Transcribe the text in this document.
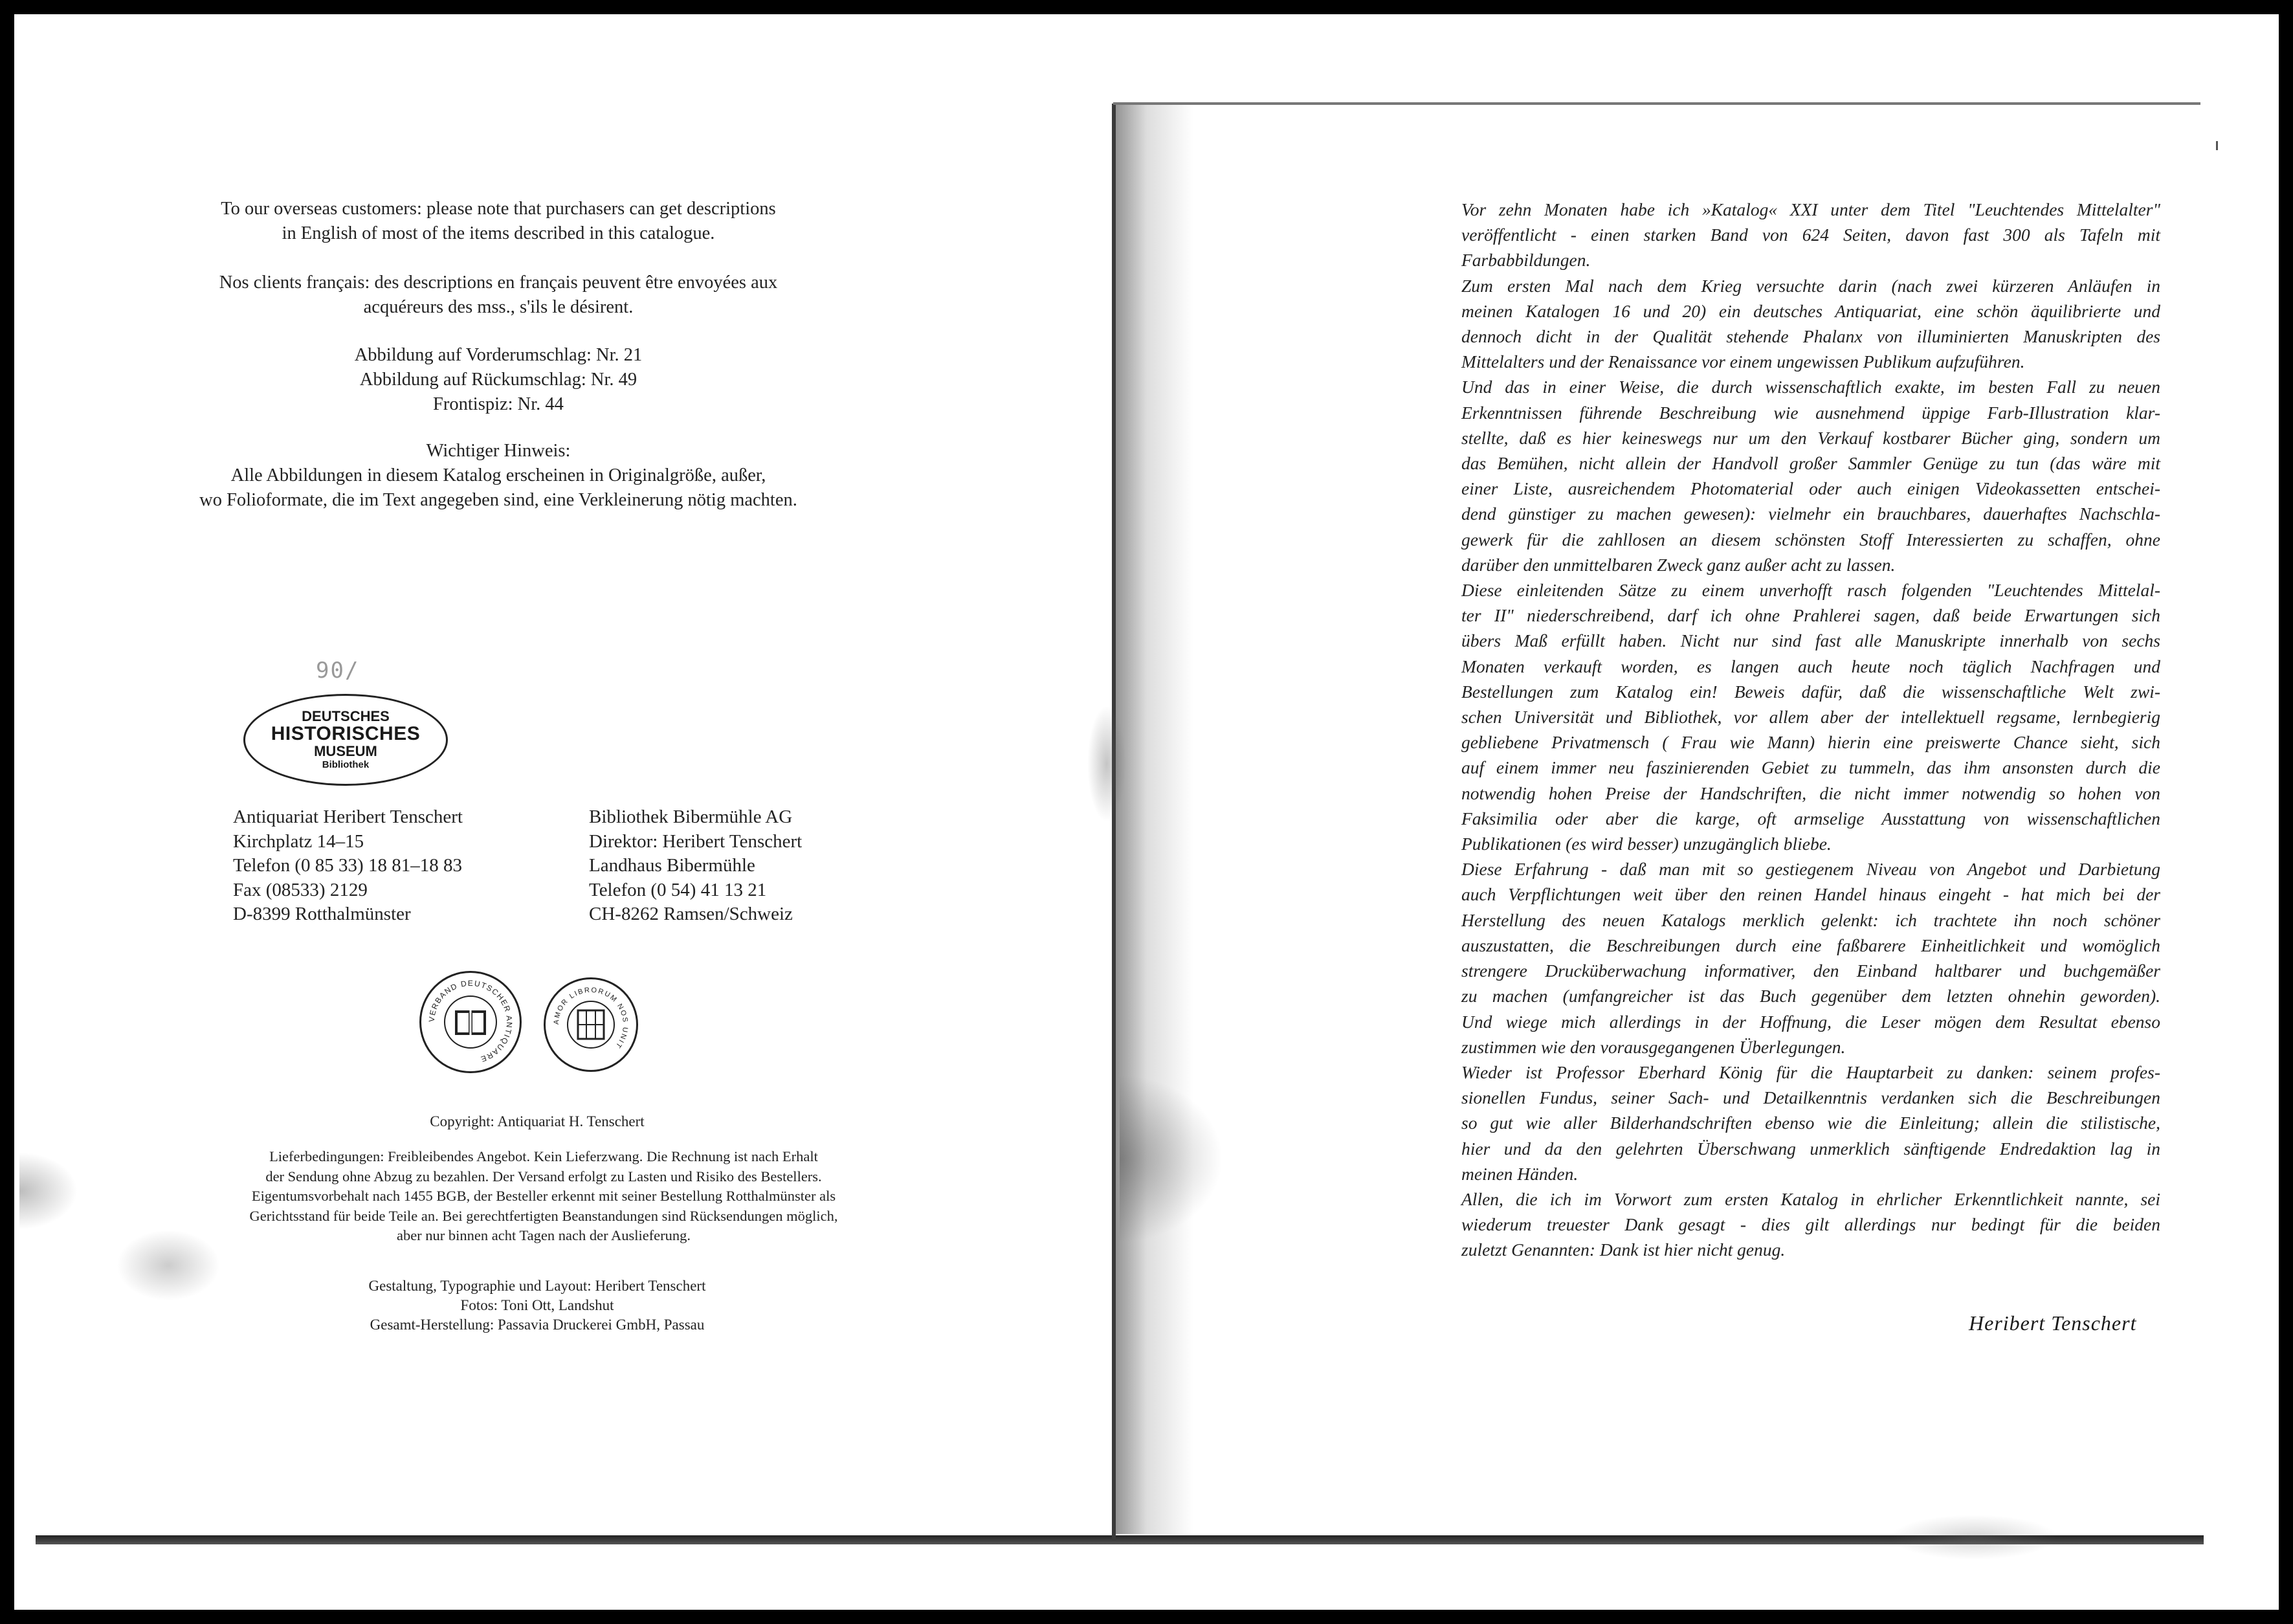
To our overseas customers: please note that purchasers can get descriptions

in English of most of the items described in this catalogue.

Nos clients français: des descriptions en français peuvent être envoyées aux

acquéreurs des mss., s'ils le désirent.

Abbildung auf Vorderumschlag: Nr. 21

Abbildung auf Rückumschlag: Nr. 49

Frontispiz: Nr. 44

Wichtiger Hinweis:

Alle Abbildungen in diesem Katalog erscheinen in Originalgröße, außer,

wo Folioformate, die im Text angegeben sind, eine Verkleinerung nötig machten.

90/
DEUTSCHES
HISTORISCHES
MUSEUM
Bibliothek

Antiquariat Heribert Tenschert

Kirchplatz 14–15

Telefon (0 85 33) 18 81–18 83

Fax (08533) 2129

D-8399 Rotthalmünster

Bibliothek Bibermühle AG

Direktor: Heribert Tenschert

Landhaus Bibermühle

Telefon (0 54) 41 13 21

CH-8262 Ramsen/Schweiz

VERBAND DEUTSCHER ANTIQUARE
AMOR LIBRORUM NOS UNIT
Copyright: Antiquariat H. Tenschert

Lieferbedingungen: Freibleibendes Angebot. Kein Lieferzwang. Die Rechnung ist nach Erhalt

der Sendung ohne Abzug zu bezahlen. Der Versand erfolgt zu Lasten und Risiko des Bestellers.

Eigentumsvorbehalt nach 1455 BGB, der Besteller erkennt mit seiner Bestellung Rotthalmünster als

Gerichtsstand für beide Teile an. Bei gerechtfertigten Beanstandungen sind Rücksendungen möglich,

aber nur binnen acht Tagen nach der Auslieferung.

Gestaltung, Typographie und Layout: Heribert Tenschert

Fotos: Toni Ott, Landshut

Gesamt-Herstellung: Passavia Druckerei GmbH, Passau

Vor zehn Monaten habe ich »Katalog« XXI unter dem Titel "Leuchtendes Mittelalter"

veröffentlicht - einen starken Band von 624 Seiten, davon fast 300 als Tafeln mit

Farbabbildungen.

Zum ersten Mal nach dem Krieg versuchte darin (nach zwei kürzeren Anläufen in

meinen Katalogen 16 und 20) ein deutsches Antiquariat, eine schön äquilibrierte und

dennoch dicht in der Qualität stehende Phalanx von illuminierten Manuskripten des

Mittelalters und der Renaissance vor einem ungewissen Publikum aufzuführen.

Und das in einer Weise, die durch wissenschaftlich exakte, im besten Fall zu neuen

Erkenntnissen führende Beschreibung wie ausnehmend üppige Farb-Illustration klar-

stellte, daß es hier keineswegs nur um den Verkauf kostbarer Bücher ging, sondern um

das Bemühen, nicht allein der Handvoll großer Sammler Genüge zu tun (das wäre mit

einer Liste, ausreichendem Photomaterial oder auch einigen Videokassetten entschei-

dend günstiger zu machen gewesen): vielmehr ein brauchbares, dauerhaftes Nachschla-

gewerk für die zahllosen an diesem schönsten Stoff Interessierten zu schaffen, ohne

darüber den unmittelbaren Zweck ganz außer acht zu lassen.

Diese einleitenden Sätze zu einem unverhofft rasch folgenden "Leuchtendes Mittelal-

ter II" niederschreibend, darf ich ohne Prahlerei sagen, daß beide Erwartungen sich

übers Maß erfüllt haben. Nicht nur sind fast alle Manuskripte innerhalb von sechs

Monaten verkauft worden, es langen auch heute noch täglich Nachfragen und

Bestellungen zum Katalog ein! Beweis dafür, daß die wissenschaftliche Welt zwi-

schen Universität und Bibliothek, vor allem aber der intellektuell regsame, lernbegierig

gebliebene Privatmensch ( Frau wie Mann) hierin eine preiswerte Chance sieht, sich

auf einem immer neu faszinierenden Gebiet zu tummeln, das ihm ansonsten durch die

notwendig hohen Preise der Handschriften, die nicht immer notwendig so hohen von

Faksimilia oder aber die karge, oft armselige Ausstattung von wissenschaftlichen

Publikationen (es wird besser) unzugänglich bliebe.

Diese Erfahrung - daß man mit so gestiegenem Niveau von Angebot und Darbietung

auch Verpflichtungen weit über den reinen Handel hinaus eingeht - hat mich bei der

Herstellung des neuen Katalogs merklich gelenkt: ich trachtete ihn noch schöner

auszustatten, die Beschreibungen durch eine faßbarere Einheitlichkeit und womöglich

strengere Drucküberwachung informativer, den Einband haltbarer und buchgemäßer

zu machen (umfangreicher ist das Buch gegenüber dem letzten ohnehin geworden).

Und wiege mich allerdings in der Hoffnung, die Leser mögen dem Resultat ebenso

zustimmen wie den vorausgegangenen Überlegungen.

Wieder ist Professor Eberhard König für die Hauptarbeit zu danken: seinem profes-

sionellen Fundus, seiner Sach- und Detailkenntnis verdanken sich die Beschreibungen

so gut wie aller Bilderhandschriften ebenso wie die Einleitung; allein die stilistische,

hier und da den gelehrten Überschwang unmerklich sänftigende Endredaktion lag in

meinen Händen.

Allen, die ich im Vorwort zum ersten Katalog in ehrlicher Erkenntlichkeit nannte, sei

wiederum treuester Dank gesagt - dies gilt allerdings nur bedingt für die beiden

zuletzt Genannten: Dank ist hier nicht genug.

Heribert Tenschert
